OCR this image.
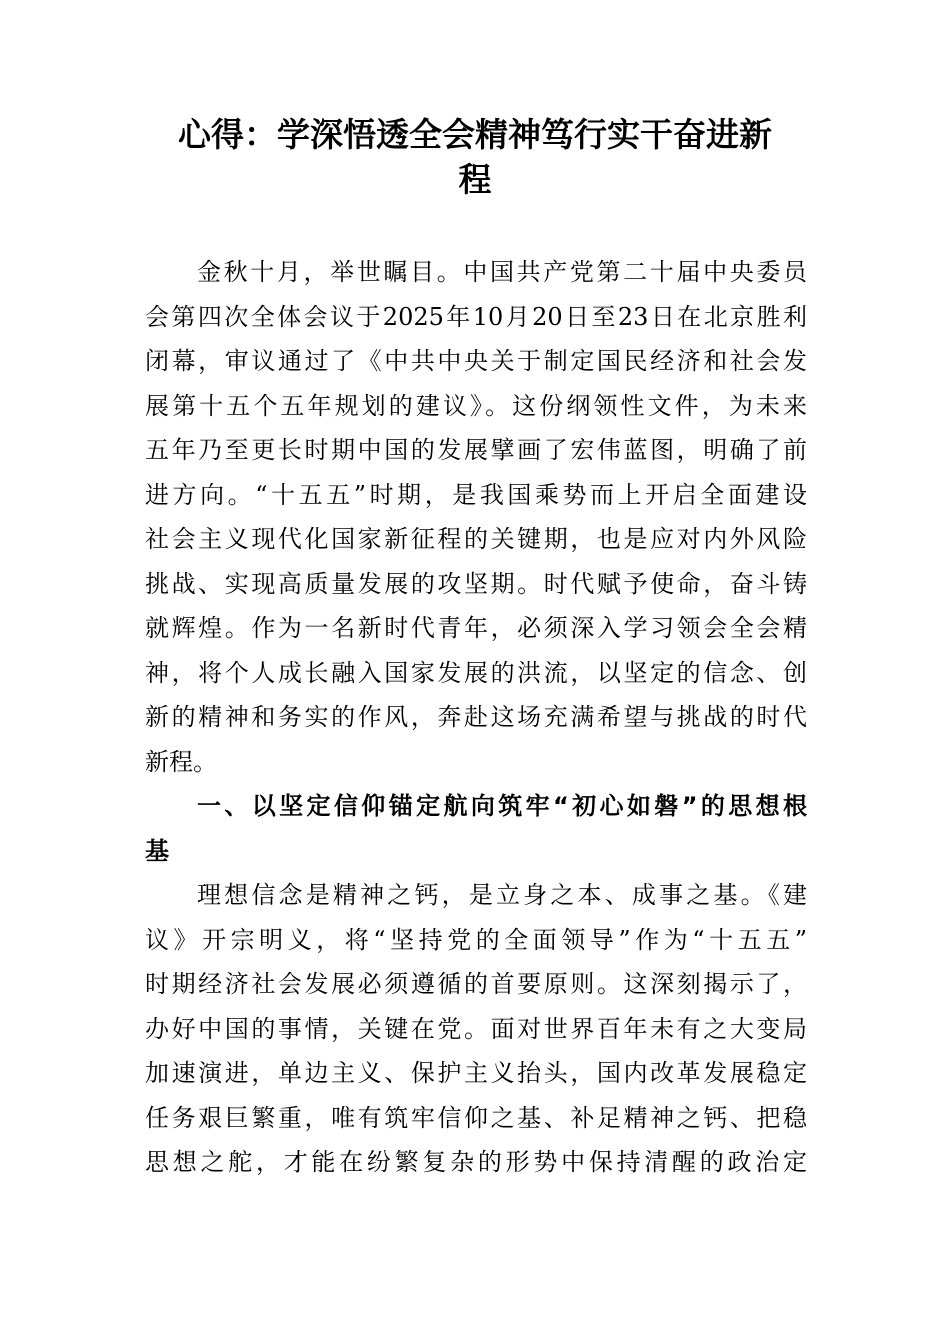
心得：学深悟透全会精神笃行实干奋进新
程
金秋十月，举世瞩目。中国共产党第二十届中央委员
会第四次全体会议于2025年10月20日至23日在北京胜利
闭幕，审议通过了《中共中央关于制定国民经济和社会发
展第十五个五年规划的建议》。这份纲领性文件，为未来
五年乃至更长时期中国的发展擘画了宏伟蓝图，明确了前
进方向。“十五五”时期，是我国乘势而上开启全面建设
社会主义现代化国家新征程的关键期，也是应对内外风险
挑战、实现高质量发展的攻坚期。时代赋予使命，奋斗铸
就辉煌。作为一名新时代青年，必须深入学习领会全会精
神，将个人成长融入国家发展的洪流，以坚定的信念、创
新的精神和务实的作风，奔赴这场充满希望与挑战的时代
新程。
一、以坚定信仰锚定航向筑牢“初心如磐”的思想根
基
理想信念是精神之钙，是立身之本、成事之基。《建
议》开宗明义，将“坚持党的全面领导”作为“十五五”
时期经济社会发展必须遵循的首要原则。这深刻揭示了，
办好中国的事情，关键在党。面对世界百年未有之大变局
加速演进，单边主义、保护主义抬头，国内改革发展稳定
任务艰巨繁重，唯有筑牢信仰之基、补足精神之钙、把稳
思想之舵，才能在纷繁复杂的形势中保持清醒的政治定
